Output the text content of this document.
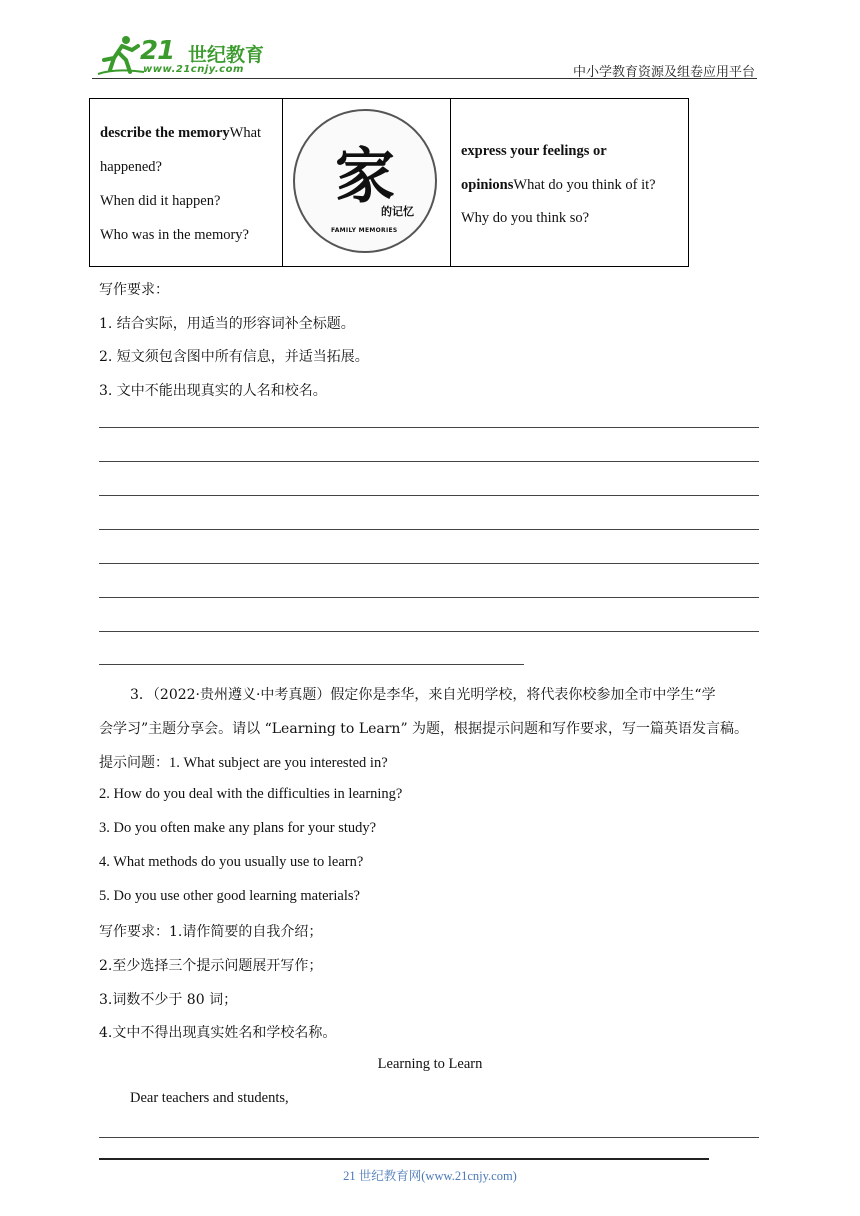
21 世纪教育
www.21cnjy.com	中小学教育资源及组卷应用平台
describe the memoryWhat
happened?
When did it happen?
Who was in the memory?
家
的记忆
FAMILY MEMORIES
express your feelings or
opinionsWhat do you think of it?
Why do you think so?
写作要求：
1. 结合实际，用适当的形容词补全标题。
2. 短文须包含图中所有信息，并适当拓展。
3. 文中不能出现真实的人名和校名。
3．（2022·贵州遵义·中考真题）假定你是李华，来自光明学校，将代表你校参加全市中学生“学
会学习”主题分享会。请以 “Learning to Learn” 为题，根据提示问题和写作要求，写一篇英语发言稿。
提示问题：1. What subject are you interested in?
2. How do you deal with the difficulties in learning?
3. Do you often make any plans for your study?
4. What methods do you usually use to learn?
5. Do you use other good learning materials?
写作要求：1.请作简要的自我介绍；
2.至少选择三个提示问题展开写作；
3.词数不少于 80 词；
4.文中不得出现真实姓名和学校名称。
Learning to Learn
Dear teachers and students,
21 世纪教育网(www.21cnjy.com)
